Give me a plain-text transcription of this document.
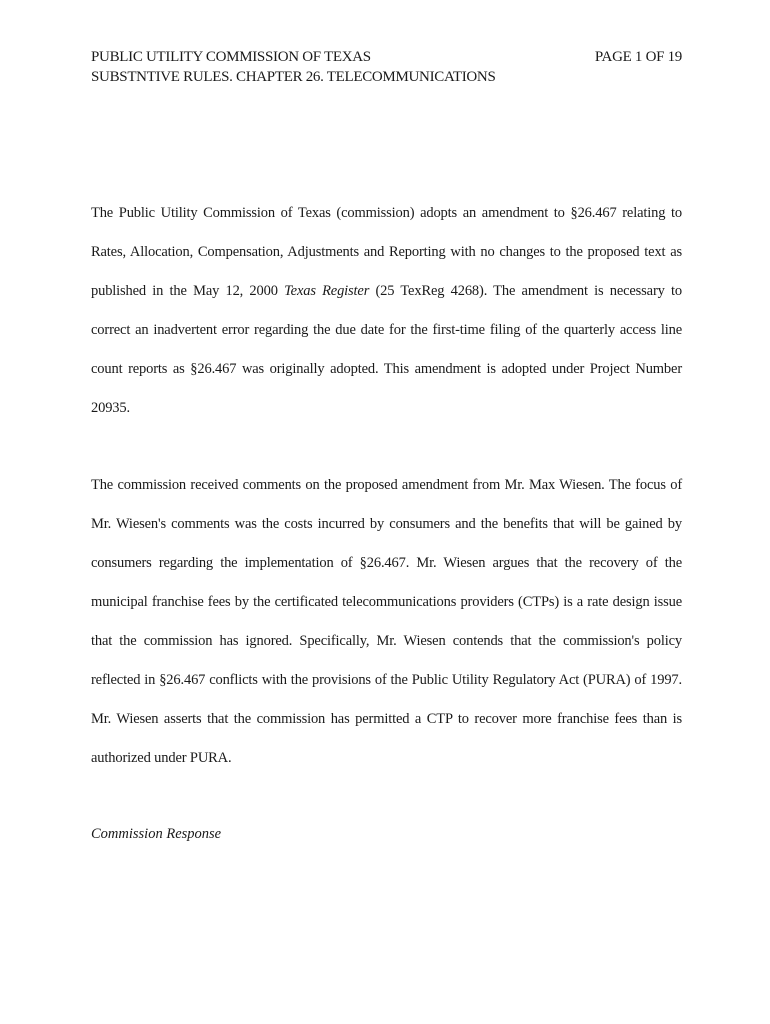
PUBLIC UTILITY COMMISSION OF TEXAS	PAGE 1 OF 19
SUBSTNTIVE RULES. CHAPTER 26. TELECOMMUNICATIONS

The Public Utility Commission of Texas (commission) adopts an amendment to §26.467 relating to Rates, Allocation, Compensation, Adjustments and Reporting with no changes to the proposed text as published in the May 12, 2000 Texas Register (25 TexReg 4268). The amendment is necessary to correct an inadvertent error regarding the due date for the first-time filing of the quarterly access line count reports as §26.467 was originally adopted. This amendment is adopted under Project Number 20935.

The commission received comments on the proposed amendment from Mr. Max Wiesen. The focus of Mr. Wiesen's comments was the costs incurred by consumers and the benefits that will be gained by consumers regarding the implementation of §26.467. Mr. Wiesen argues that the recovery of the municipal franchise fees by the certificated telecommunications providers (CTPs) is a rate design issue that the commission has ignored. Specifically, Mr. Wiesen contends that the commission's policy reflected in §26.467 conflicts with the provisions of the Public Utility Regulatory Act (PURA) of 1997. Mr. Wiesen asserts that the commission has permitted a CTP to recover more franchise fees than is authorized under PURA.

Commission Response
